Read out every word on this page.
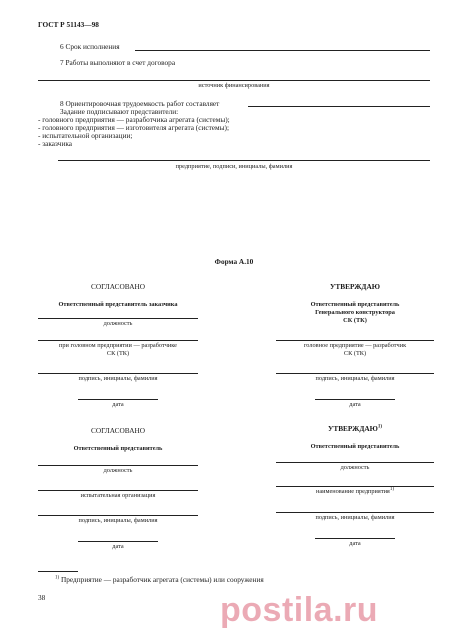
ГОСТ Р 51143—98
6 Срок исполнения
7 Работы выполняют в счет договора
источник финансирования
8 Ориентировочная трудоемкость работ составляет
Задание подписывают представители:
- головного предприятия — разработчика агрегата (системы);
- головного предприятия — изготовителя агрегата (системы);
- испытательной организации;
- заказчика
предприятие, подписи, инициалы, фамилия
Форма А.10
СОГЛАСОВАНО
Ответственный представитель заказчика
должность
при головном предприятии — разработчике
СК (ТК)
подпись, инициалы, фамилия
дата
УТВЕРЖДАЮ
Ответственный представитель
Генерального конструктора
СК (ТК)
головное предприятие — разработчик
СК (ТК)
подпись, инициалы, фамилия
дата
СОГЛАСОВАНО
Ответственный представитель
должность
испытательная организация
подпись, инициалы, фамилия
дата
УТВЕРЖДАЮ$^{1)}$
Ответственный представитель
должность
наименование предприятия$^{1)}$
подпись, инициалы, фамилия
дата
$^{1)}$ Предприятие — разработчик агрегата (системы) или сооружения
38	postila.ru
